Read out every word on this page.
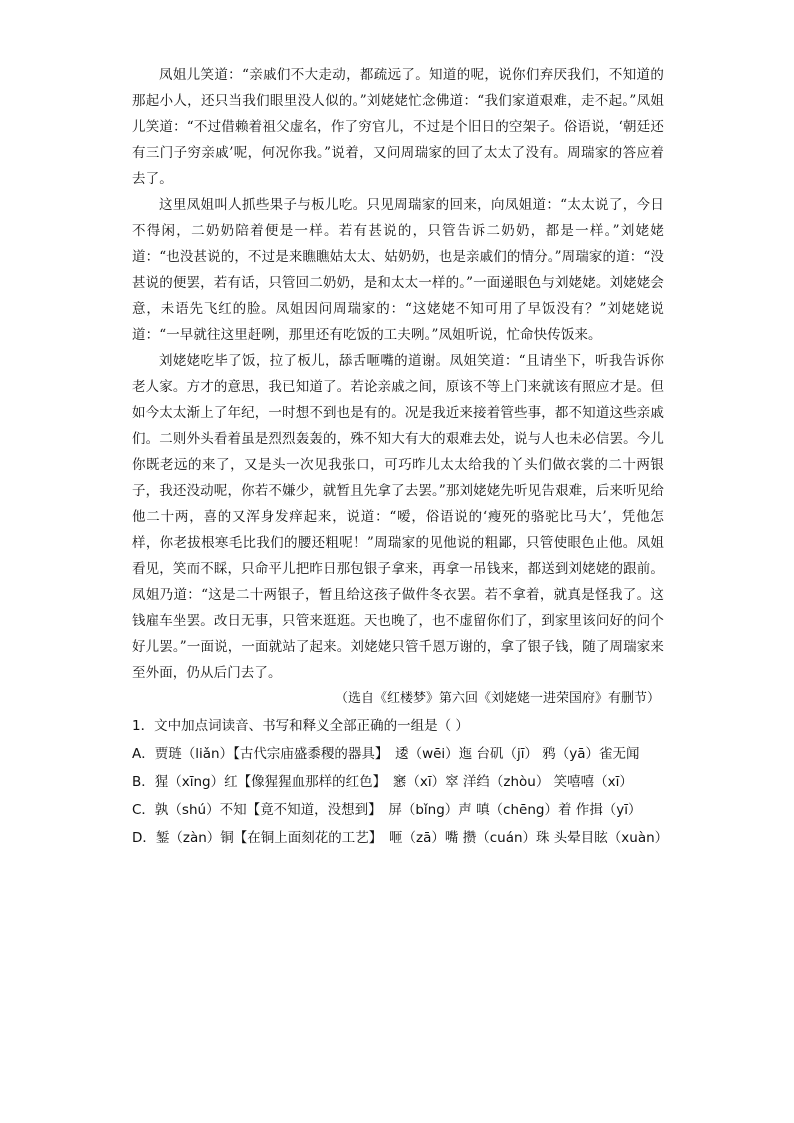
凤姐儿笑道：“亲戚们不大走动，都疏远了。知道的呢，说你们弃厌我们，不知道的那起小人，还只当我们眼里没人似的。”刘姥姥忙念佛道：“我们家道艰难，走不起。”凤姐儿笑道：“不过借赖着祖父虚名，作了穷官儿，不过是个旧日的空架子。俗语说，‘朝廷还有三门子穷亲戚’呢，何况你我。”说着，又问周瑞家的回了太太了没有。周瑞家的答应着去了。

这里凤姐叫人抓些果子与板儿吃。只见周瑞家的回来，向凤姐道：“太太说了，今日不得闲，二奶奶陪着便是一样。若有甚说的，只管告诉二奶奶，都是一样。”刘姥姥道：“也没甚说的，不过是来瞧瞧姑太太、姑奶奶，也是亲戚们的情分。”周瑞家的道：“没甚说的便罢，若有话，只管回二奶奶，是和太太一样的。”一面递眼色与刘姥姥。刘姥姥会意，未语先飞红的脸。凤姐因问周瑞家的：“这姥姥不知可用了早饭没有？”刘姥姥说道：“一早就往这里赶咧，那里还有吃饭的工夫咧。”凤姐听说，忙命快传饭来。

刘姥姥吃毕了饭，拉了板儿，舔舌咂嘴的道谢。凤姐笑道：“且请坐下，听我告诉你老人家。方才的意思，我已知道了。若论亲戚之间，原该不等上门来就该有照应才是。但如今太太渐上了年纪，一时想不到也是有的。况是我近来接着管些事，都不知道这些亲戚们。二则外头看着虽是烈烈轰轰的，殊不知大有大的艰难去处，说与人也未必信罢。今儿你既老远的来了，又是头一次见我张口，可巧昨儿太太给我的丫头们做衣裳的二十两银子，我还没动呢，你若不嫌少，就暂且先拿了去罢。”那刘姥姥先听见告艰难，后来听见给他二十两，喜的又浑身发痒起来，说道：“嗳，俗语说的‘瘦死的骆驼比马大’，凭他怎样，你老拔根寒毛比我们的腰还粗呢！”周瑞家的见他说的粗鄙，只管使眼色止他。凤姐看见，笑而不睬，只命平儿把昨日那包银子拿来，再拿一吊钱来，都送到刘姥姥的跟前。凤姐乃道：“这是二十两银子，暂且给这孩子做件冬衣罢。若不拿着，就真是怪我了。这钱雇车坐罢。改日无事，只管来逛逛。天也晚了，也不虚留你们了，到家里该问好的问个好儿罢。”一面说，一面就站了起来。刘姥姥只管千恩万谢的，拿了银子钱，随了周瑞家来至外面，仍从后门去了。

（选自《红楼梦》第六回《刘姥姥一进荣国府》有删节）

1．文中加点词读音、书写和释义全部正确的一组是（ ）

A．贾琏（liǎn）【古代宗庙盛黍稷的器具】　逶（wēi）迤 台矶（jī） 鸦（yā）雀无闻

B．猩（xīng）红【像猩猩血那样的红色】　窸（xī）窣 洋绉（zhòu） 笑嘻嘻（xī）

C．孰（shú）不知【竟不知道，没想到】　屏（bǐng）声 嗔（chēng）着 作揖（yī）

D．錾（zàn）铜【在铜上面刻花的工艺】　咂（zā）嘴 攒（cuán）珠 头晕目眩（xuàn）
